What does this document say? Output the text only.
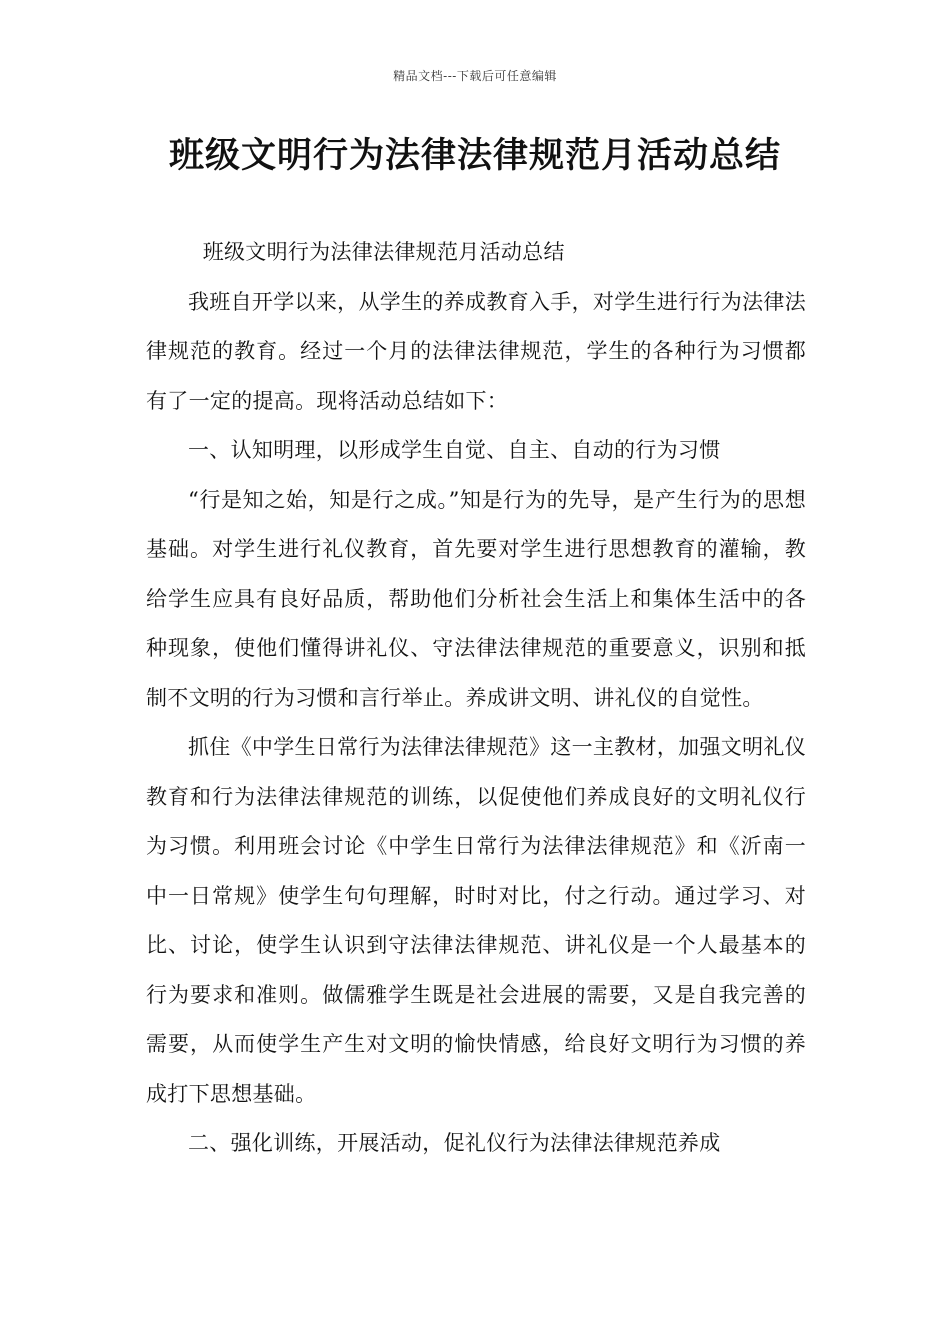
精品文档---下载后可任意编辑
班级文明行为法律法律规范月活动总结

班级文明行为法律法律规范月活动总结

我班自开学以来，从学生的养成教育入手，对学生进行行为法律法律规范的教育。经过一个月的法律法律规范，学生的各种行为习惯都有了一定的提高。现将活动总结如下：

一、认知明理，以形成学生自觉、自主、自动的行为习惯

“行是知之始，知是行之成。”知是行为的先导，是产生行为的思想基础。对学生进行礼仪教育，首先要对学生进行思想教育的灌输，教给学生应具有良好品质，帮助他们分析社会生活上和集体生活中的各种现象，使他们懂得讲礼仪、守法律法律规范的重要意义，识别和抵制不文明的行为习惯和言行举止。养成讲文明、讲礼仪的自觉性。

抓住《中学生日常行为法律法律规范》这一主教材，加强文明礼仪教育和行为法律法律规范的训练，以促使他们养成良好的文明礼仪行为习惯。利用班会讨论《中学生日常行为法律法律规范》和《沂南一中一日常规》使学生句句理解，时时对比，付之行动。通过学习、对比、讨论，使学生认识到守法律法律规范、讲礼仪是一个人最基本的行为要求和准则。做儒雅学生既是社会进展的需要，又是自我完善的需要，从而使学生产生对文明的愉快情感，给良好文明行为习惯的养成打下思想基础。

二、强化训练，开展活动，促礼仪行为法律法律规范养成
